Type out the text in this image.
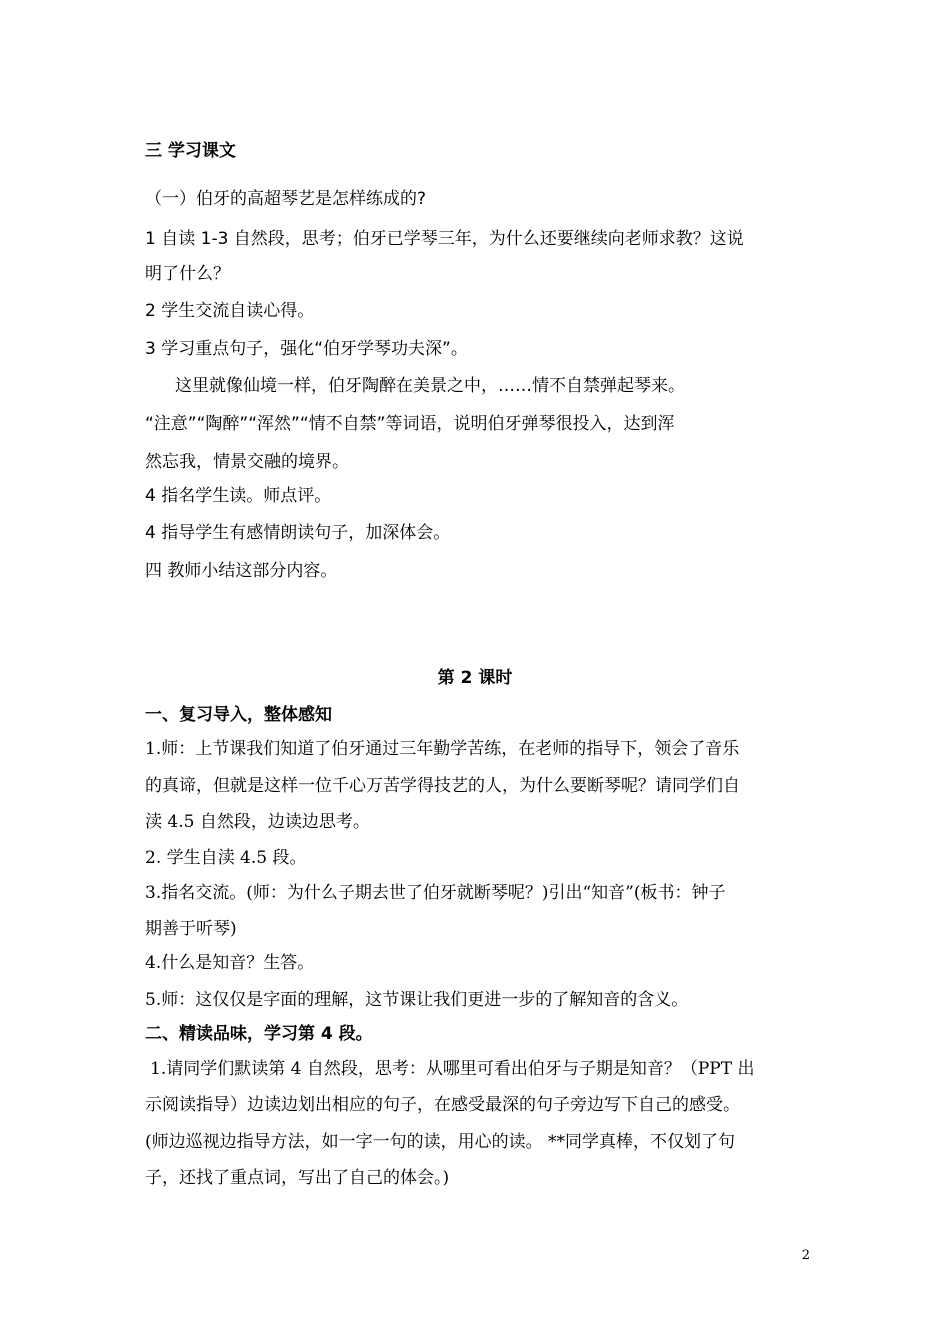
三 学习课文
（一）伯牙的高超琴艺是怎样练成的?
1 自读 1-3 自然段，思考；伯牙已学琴三年，为什么还要继续向老师求教？这说
明了什么？
2 学生交流自读心得。
3 学习重点句子，强化“伯牙学琴功夫深”。
这里就像仙境一样，伯牙陶醉在美景之中，……情不自禁弹起琴来。
“注意”“陶醉”“浑然”“情不自禁”等词语，说明伯牙弹琴很投入，达到浑
然忘我，情景交融的境界。
4 指名学生读。师点评。
4 指导学生有感情朗读句子，加深体会。
四 教师小结这部分内容。
第 2 课时
一、复习导入，整体感知
1.师：上节课我们知道了伯牙通过三年勤学苦练，在老师的指导下，领会了音乐
的真谛，但就是这样一位千心万苦学得技艺的人，为什么要断琴呢？请同学们自
渎 4.5 自然段，边读边思考。
2. 学生自渎 4.5 段。
3.指名交流。(师：为什么子期去世了伯牙就断琴呢？)引出“知音”(板书：钟子
期善于听琴)
4.什么是知音？生答。
5.师：这仅仅是字面的理解，这节课让我们更进一步的了解知音的含义。
二、精读品味，学习第 4 段。
1.请同学们默读第 4 自然段，思考：从哪里可看出伯牙与子期是知音？（PPT 出
示阅读指导）边读边划出相应的句子，在感受最深的句子旁边写下自己的感受。
(师边巡视边指导方法，如一字一句的读，用心的读。 **同学真棒，不仅划了句
子，还找了重点词，写出了自己的体会。)
2
